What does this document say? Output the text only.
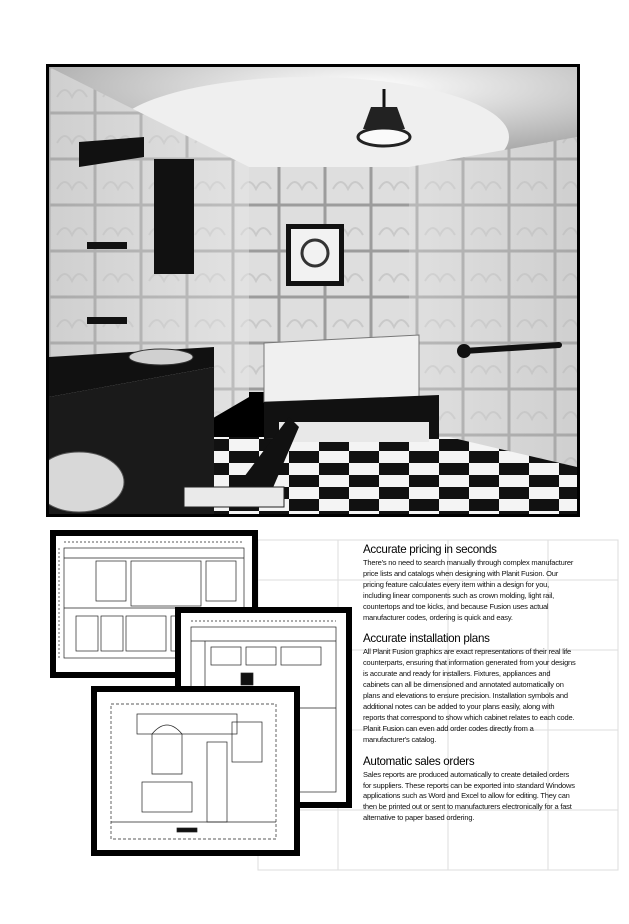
Accurate pricing in seconds

There's no need to search manually through complex manufacturer price lists and catalogs when designing with Planit Fusion. Our pricing feature calculates every item within a design for you, including linear components such as crown molding, light rail, countertops and toe kicks, and because Fusion uses actual manufacturer codes, ordering is quick and easy.

Accurate installation plans

All Planit Fusion graphics are exact representations of their real life counterparts, ensuring that information generated from your designs is accurate and ready for installers. Fixtures, appliances and cabinets can all be dimensioned and annotated automatically on plans and elevations to ensure precision. Installation symbols and additional notes can be added to your plans easily, along with reports that correspond to show which cabinet relates to each code. Planit Fusion can even add order codes directly from a manufacturer's catalog.

Automatic sales orders

Sales reports are produced automatically to create detailed orders for suppliers. These reports can be exported into standard Windows applications such as Word and Excel to allow for editing. They can then be printed out or sent to manufacturers electronically for a fast alternative to paper based ordering.
